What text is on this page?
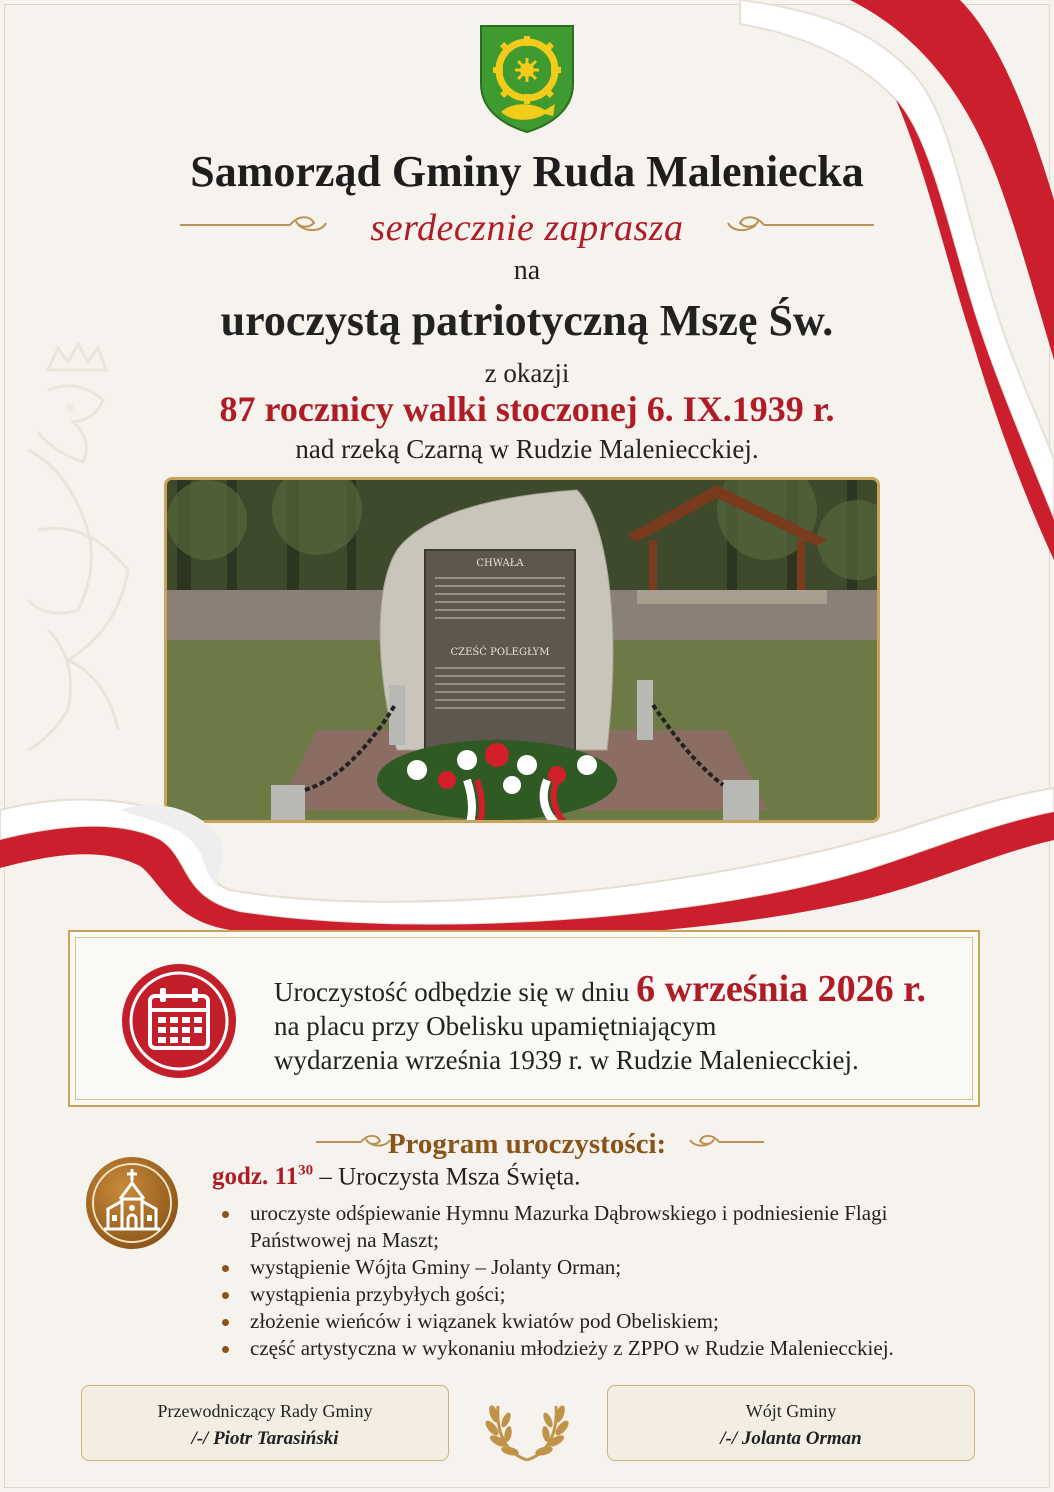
Samorząd Gminy Ruda Maleniecka
serdecznie zaprasza
na
uroczystą patriotyczną Mszę Św.
z okazji
87 rocznicy walki stoczonej 6. IX.1939 r.
nad rzeką Czarną w Rudzie Maleniecckiej.
CHWAŁA
CZEŚĆ POLEGŁYM
Uroczystość odbędzie się w dniu 6 września 2026 r.
na placu przy Obelisku upamiętniającym
wydarzenia września 1939 r. w Rudzie Maleniecckiej.
Program uroczystości:
godz. $11^{30}$ – Uroczysta Msza Święta.
uroczyste odśpiewanie Hymnu Mazurka Dąbrowskiego i podniesienie Flagi Państwowej na Maszt;
wystąpienie Wójta Gminy – Jolanty Orman;
wystąpienia przybyłych gości;
złożenie wieńców i wiązanek kwiatów pod Obeliskiem;
część artystyczna w wykonaniu młodzieży z ZPPO w Rudzie Maleniecckiej.
Przewodniczący Rady Gminy
/-/ Piotr Tarasiński
Wójt Gminy
/-/ Jolanta Orman
